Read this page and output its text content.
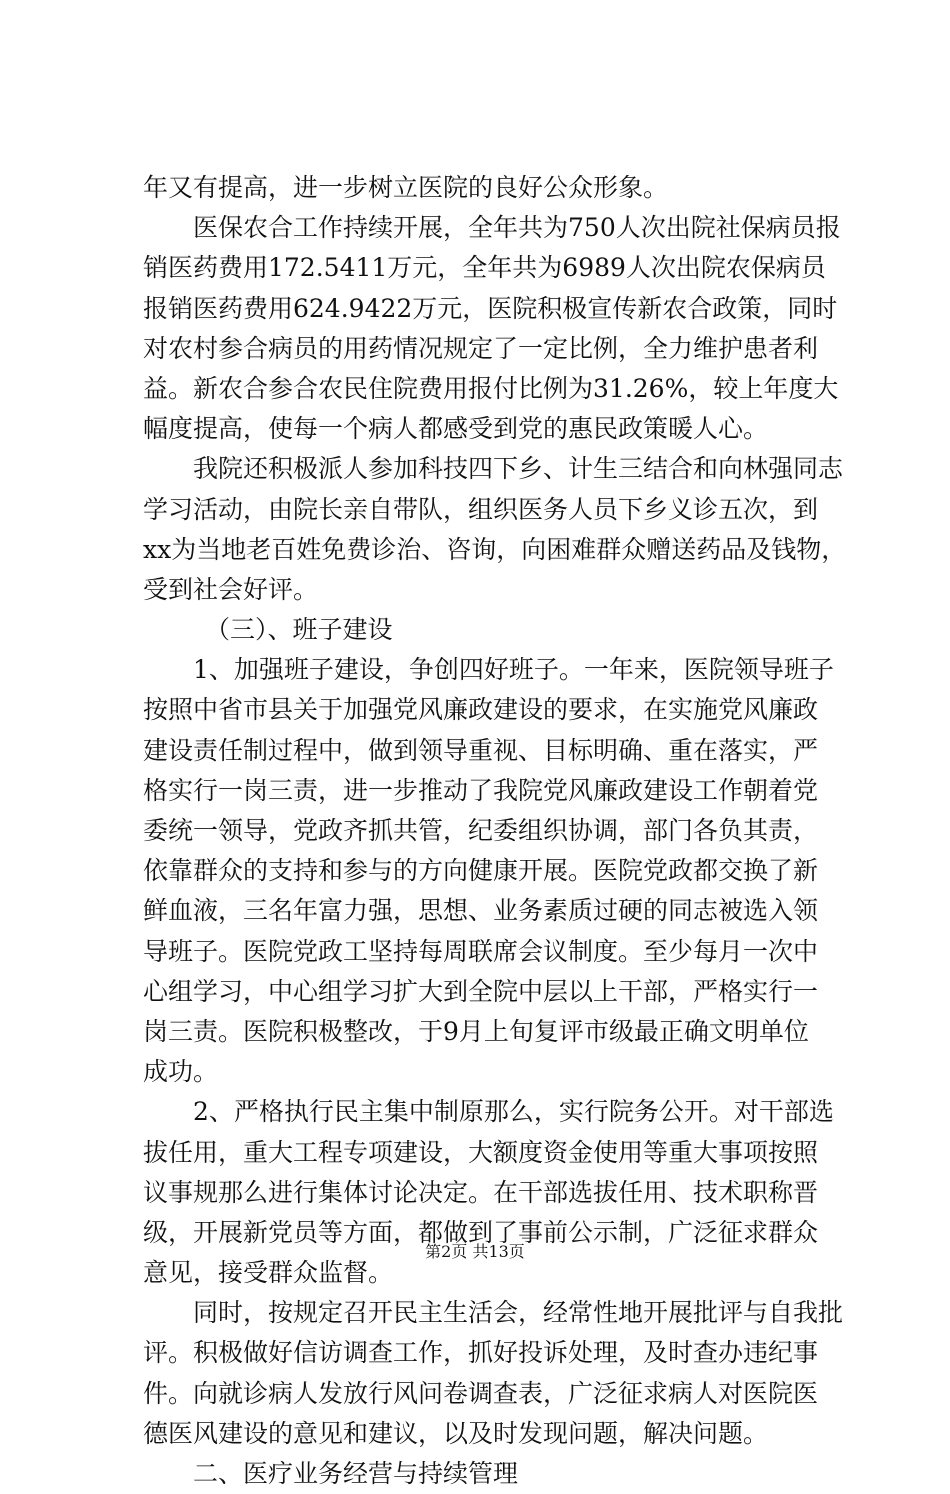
年又有提高，进一步树立医院的良好公众形象。
医保农合工作持续开展，全年共为750人次出院社保病员报
销医药费用172.5411万元，全年共为6989人次出院农保病员
报销医药费用624.9422万元，医院积极宣传新农合政策，同时
对农村参合病员的用药情况规定了一定比例，全力维护患者利
益。新农合参合农民住院费用报付比例为31.26%，较上年度大
幅度提高，使每一个病人都感受到党的惠民政策暖人心。
我院还积极派人参加科技四下乡、计生三结合和向林强同志
学习活动，由院长亲自带队，组织医务人员下乡义诊五次，到
xx为当地老百姓免费诊治、咨询，向困难群众赠送药品及钱物，
受到社会好评。
（三）、班子建设
1、加强班子建设，争创四好班子。一年来，医院领导班子
按照中省市县关于加强党风廉政建设的要求，在实施党风廉政
建设责任制过程中，做到领导重视、目标明确、重在落实，严
格实行一岗三责，进一步推动了我院党风廉政建设工作朝着党
委统一领导，党政齐抓共管，纪委组织协调，部门各负其责，
依靠群众的支持和参与的方向健康开展。医院党政都交换了新
鲜血液，三名年富力强，思想、业务素质过硬的同志被选入领
导班子。医院党政工坚持每周联席会议制度。至少每月一次中
心组学习，中心组学习扩大到全院中层以上干部，严格实行一
岗三责。医院积极整改，于9月上旬复评市级最正确文明单位
成功。
2、严格执行民主集中制原那么，实行院务公开。对干部选
拔任用，重大工程专项建设，大额度资金使用等重大事项按照
议事规那么进行集体讨论决定。在干部选拔任用、技术职称晋
级，开展新党员等方面，都做到了事前公示制，广泛征求群众
意见，接受群众监督。
同时，按规定召开民主生活会，经常性地开展批评与自我批
评。积极做好信访调查工作，抓好投诉处理，及时查办违纪事
件。向就诊病人发放行风问卷调查表，广泛征求病人对医院医
德医风建设的意见和建议，以及时发现问题，解决问题。
二、医疗业务经营与持续管理
第2页 共13页
